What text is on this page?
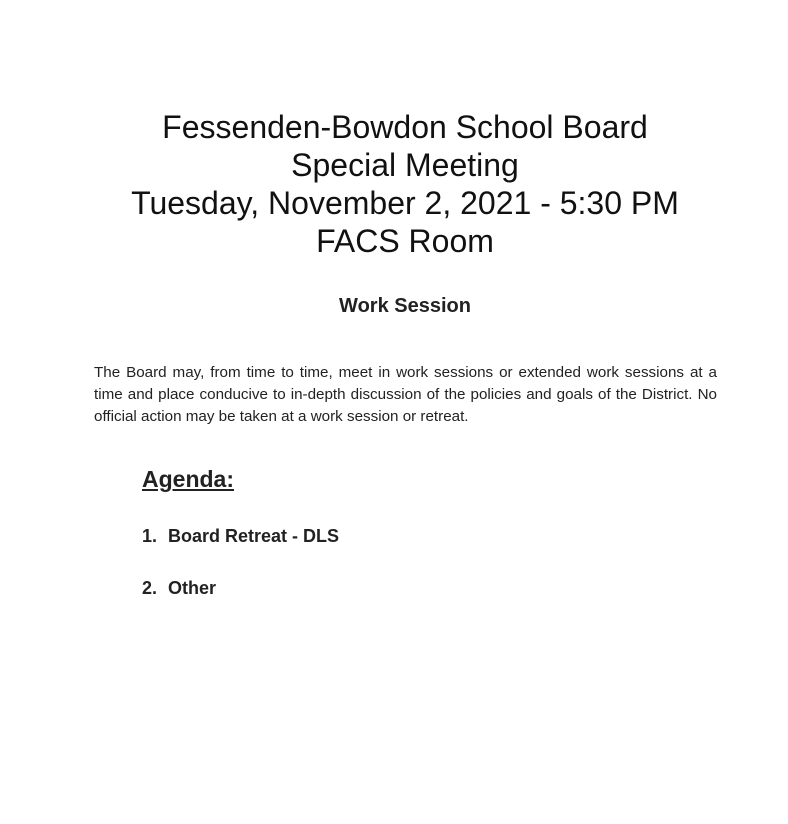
Fessenden-Bowdon School Board
Special Meeting
Tuesday, November 2, 2021 - 5:30 PM
FACS Room
Work Session

The Board may, from time to time, meet in work sessions or extended work sessions at a time and place conducive to in-depth discussion of the policies and goals of the District. No official action may be taken at a work session or retreat.

Agenda:
1. Board Retreat - DLS
2. Other
